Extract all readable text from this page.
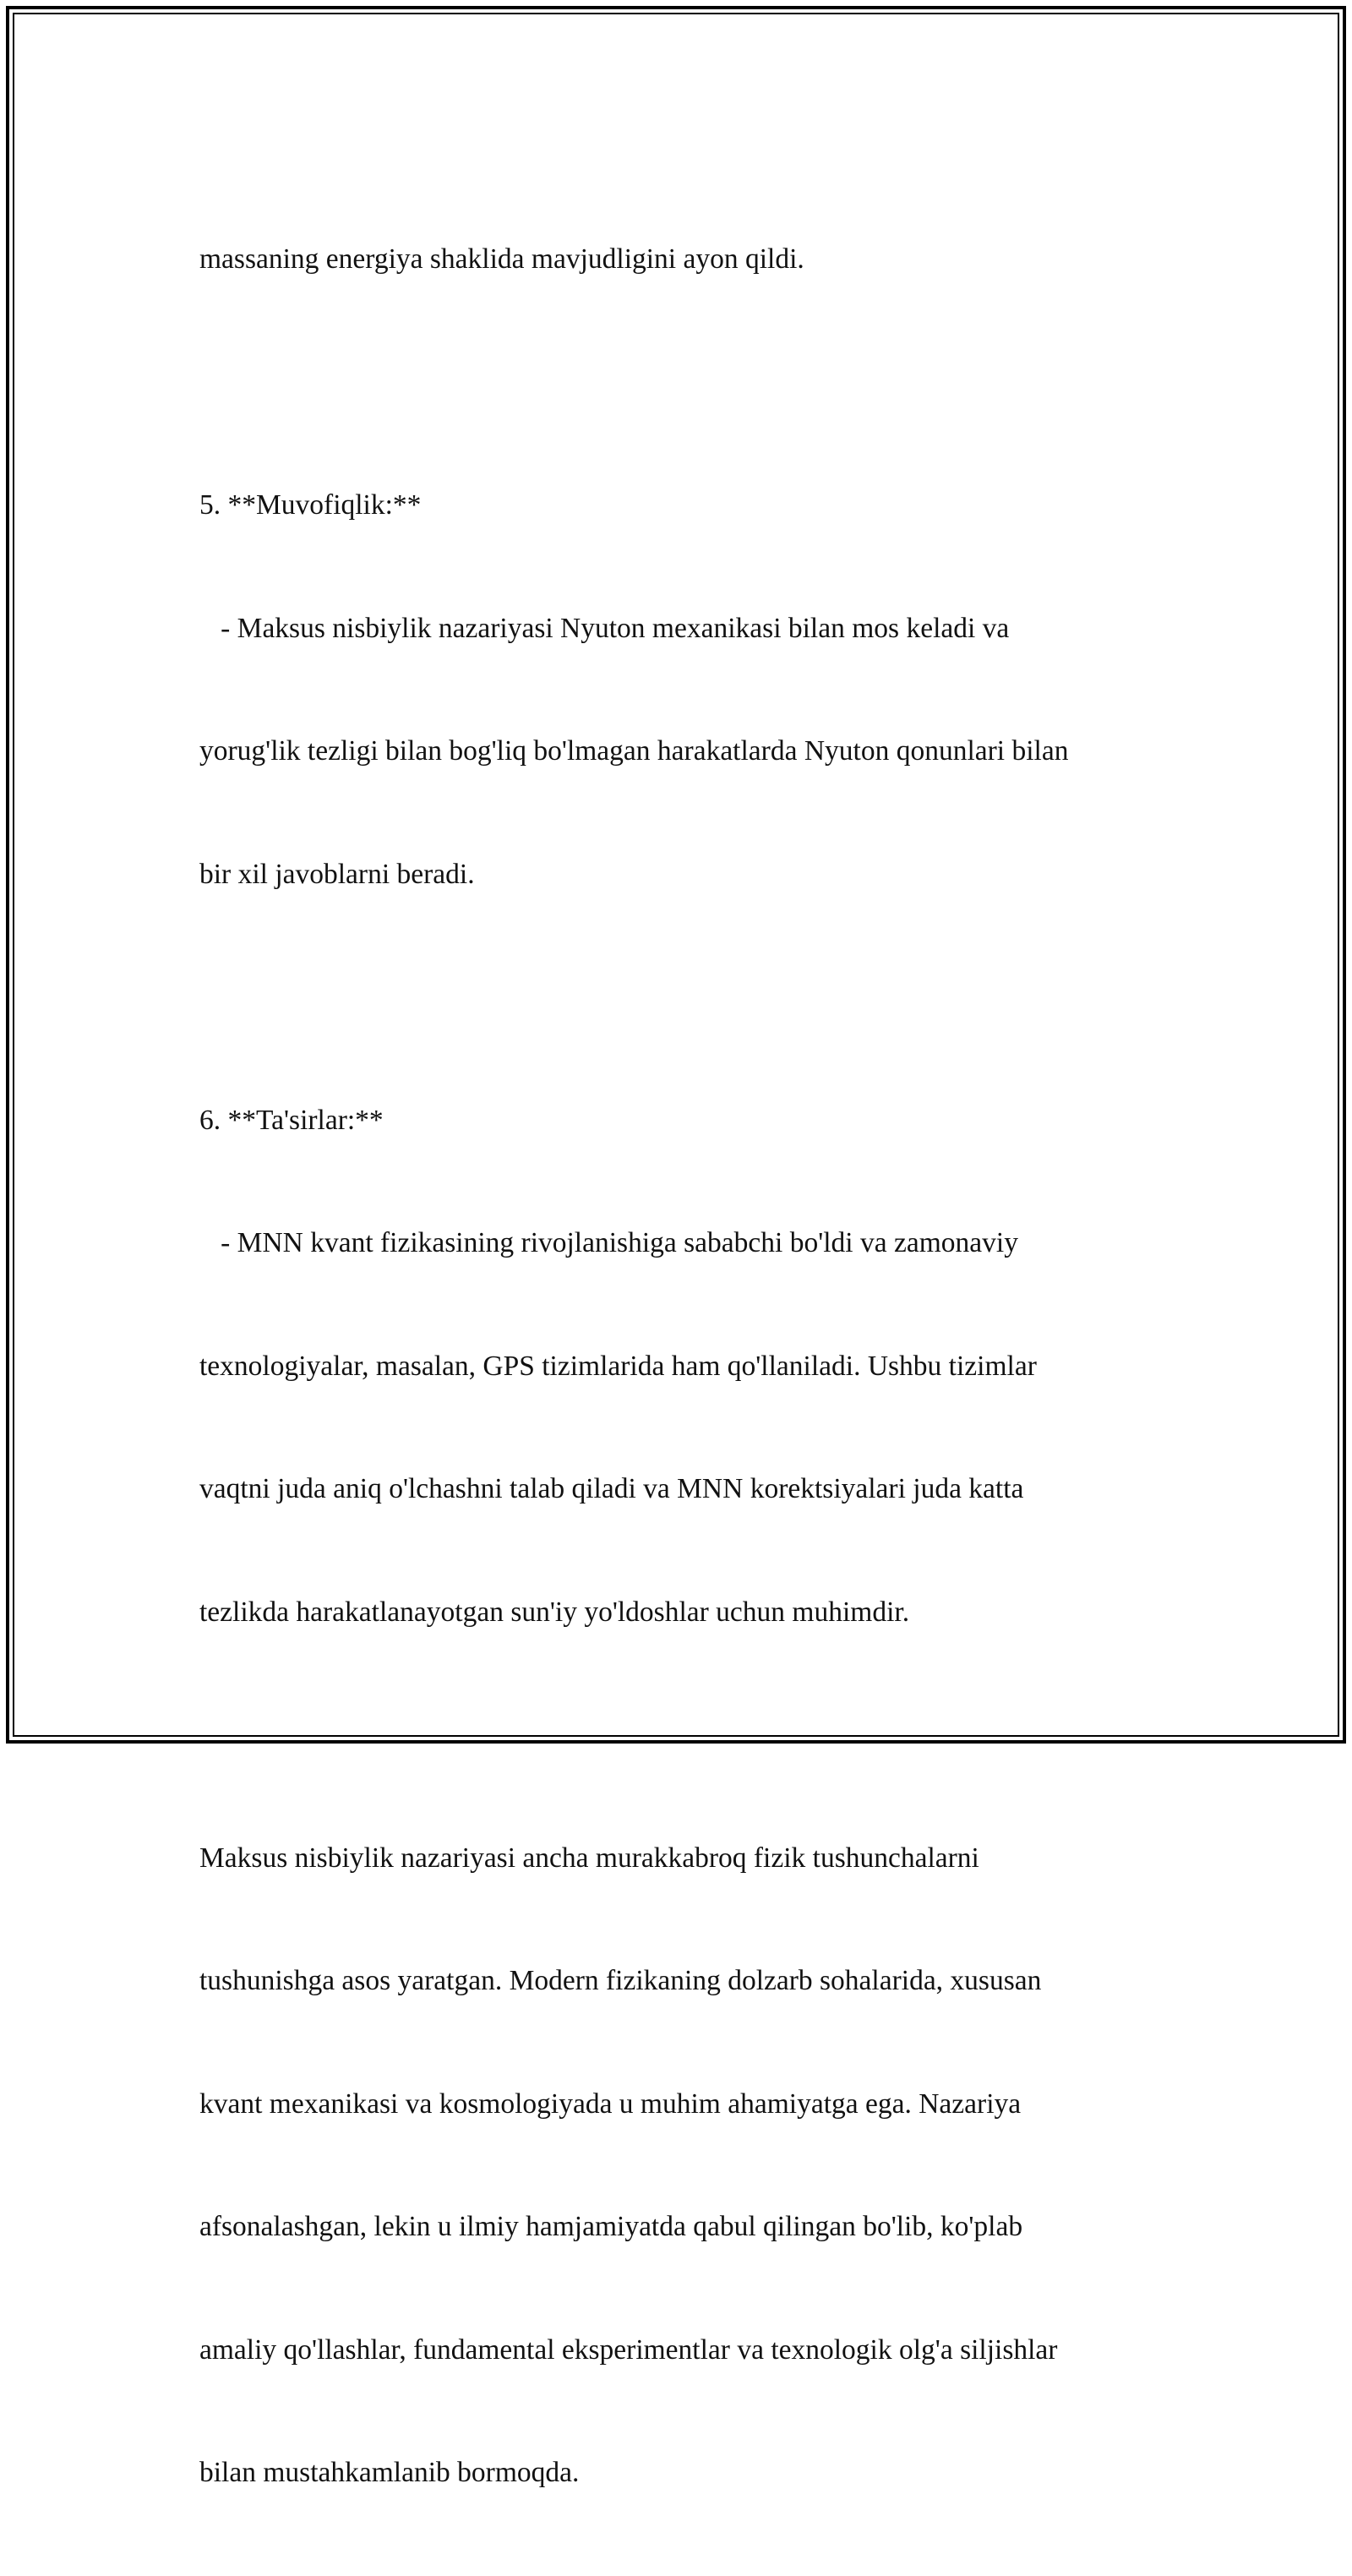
massaning energiya shaklida mavjudligini ayon qildi.

5. **Muvofiqlik:**

- Maksus nisbiylik nazariyasi Nyuton mexanikasi bilan mos keladi va

yorug'lik tezligi bilan bog'liq bo'lmagan harakatlarda Nyuton qonunlari bilan

bir xil javoblarni beradi.

6. **Ta'sirlar:**

- MNN kvant fizikasining rivojlanishiga sababchi bo'ldi va zamonaviy

texnologiyalar, masalan, GPS tizimlarida ham qo'llaniladi. Ushbu tizimlar

vaqtni juda aniq o'lchashni talab qiladi va MNN korektsiyalari juda katta

tezlikda harakatlanayotgan sun'iy yo'ldoshlar uchun muhimdir.

Maksus nisbiylik nazariyasi ancha murakkabroq fizik tushunchalarni

tushunishga asos yaratgan. Modern fizikaning dolzarb sohalarida, xususan

kvant mexanikasi va kosmologiyada u muhim ahamiyatga ega. Nazariya

afsonalashgan, lekin u ilmiy hamjamiyatda qabul qilingan bo'lib, ko'plab

amaliy qo'llashlar, fundamental eksperimentlar va texnologik olg'a siljishlar

bilan mustahkamlanib bormoqda.
